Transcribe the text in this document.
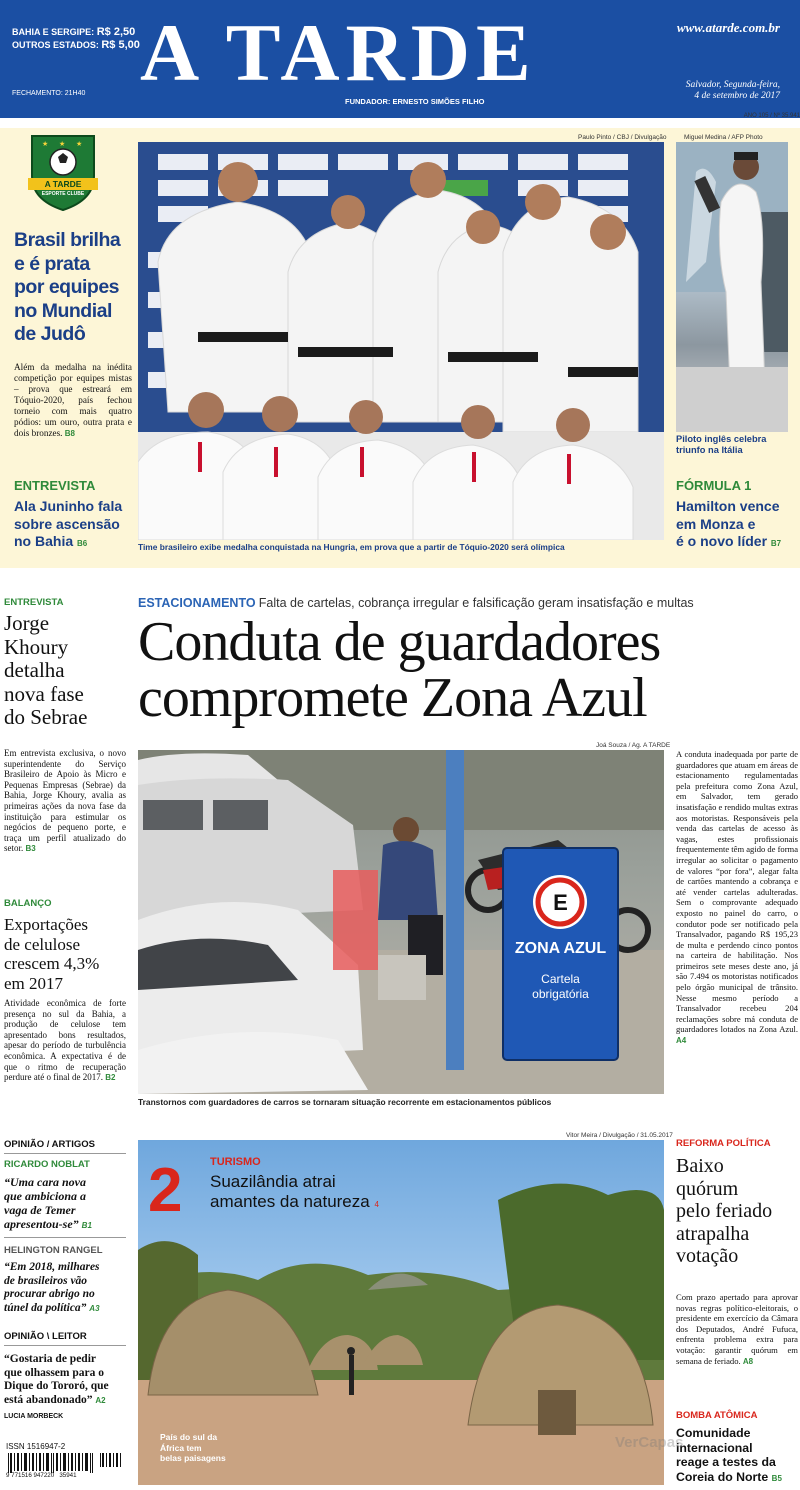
BAHIA E SERGIPE: R$ 2,50
OUTROS ESTADOS: R$ 5,00
FECHAMENTO: 21H40 A TARDE
FUNDADOR: ERNESTO SIMÕES FILHO
www.atarde.com.br
Salvador, Segunda-feira,
4 de setembro de 2017
ANO 105 / Nº 35.941
★ ★ ★
A TARDE
ESPORTE CLUBE
Brasil brilha
e é prata
por equipes
no Mundial
de Judô
Além da medalha na inédita competição por equipes mistas – prova que estreará em Tóquio-2020, país fechou torneio com mais quatro pódios: um ouro, outra prata e dois bronzes. B8
ENTREVISTA
Ala Juninho fala
sobre ascensão
no Bahia B6
Paulo Pinto / CBJ / Divulgação
Time brasileiro exibe medalha conquistada na Hungria, em prova que a partir de Tóquio-2020 será olímpica
Miguel Medina / AFP Photo
Piloto inglês celebra
triunfo na Itália
FÓRMULA 1
Hamilton vence
em Monza e
é o novo líder B7
ENTREVISTA
Jorge
Khoury
detalha
nova fase
do Sebrae
Em entrevista exclusiva, o novo superintendente do Serviço Brasileiro de Apoio às Micro e Pequenas Empresas (Sebrae) da Bahia, Jorge Khoury, avalia as primeiras ações da nova fase da instituição para estimular os negócios de pequeno porte, e traça um perfil atualizado do setor. B3
BALANÇO
Exportações
de celulose
crescem 4,3%
em 2017
Atividade econômica de forte presença no sul da Bahia, a produção de celulose tem apresentado bons resultados, apesar do período de turbulência econômica. A expectativa é de que o ritmo de recuperação perdure até o final de 2017. B2
ESTACIONAMENTO Falta de cartelas, cobrança irregular e falsificação geram insatisfação e multas
Conduta de guardadores
compromete Zona Azul
Joá Souza / Ag. A TARDE
E
ZONA AZUL
Cartela
obrigatória
Transtornos com guardadores de carros se tornaram situação recorrente em estacionamentos públicos
A conduta inadequada por parte de guardadores que atuam em áreas de estacionamento regulamentadas pela prefeitura como Zona Azul, em Salvador, tem gerado insatisfação e rendido multas extras aos motoristas. Responsáveis pela venda das cartelas de acesso às vagas, estes profissionais frequentemente têm agido de forma irregular ao solicitar o pagamento de valores “por fora”, alegar falta de cartões mantendo a cobrança e até vender cartelas adulteradas. Sem o comprovante adequado exposto no painel do carro, o condutor pode ser notificado pela Transalvador, pagando R$ 195,23 de multa e perdendo cinco pontos na carteira de habilitação. Nos primeiros sete meses deste ano, já são 7.494 os motoristas notificados pelo órgão municipal de trânsito. Nesse mesmo período a Transalvador recebeu 204 reclamações sobre má conduta de guardadores lotados na Zona Azul. A4
OPINIÃO / ARTIGOS
RICARDO NOBLAT
“Uma cara nova
que ambiciona a
vaga de Temer
apresentou-se” B1
HELINGTON RANGEL
“Em 2018, milhares
de brasileiros vão
procurar abrigo no
túnel da política” A3
OPINIÃO \ LEITOR
“Gostaria de pedir
que olhassem para o
Dique do Tororó, que
está abandonado” A2
LUCIA MORBECK
ISSN 1516947-2
9 771516 947220   35941
Vitor Meira / Divulgação / 31.05.2017
2	TURISMO
Suazilândia atrai
amantes da natureza 4
País do sul da
África tem
belas paisagens
REFORMA POLÍTICA
Baixo
quórum
pelo feriado
atrapalha
votação
Com prazo apertado para aprovar novas regras político-eleitorais, o presidente em exercício da Câmara dos Deputados, André Fufuca, enfrenta problema extra para votação: garantir quórum em semana de feriado. A8
BOMBA ATÔMICA
Comunidade
internacional
reage a testes da
Coreia do Norte B5
VerCapas
